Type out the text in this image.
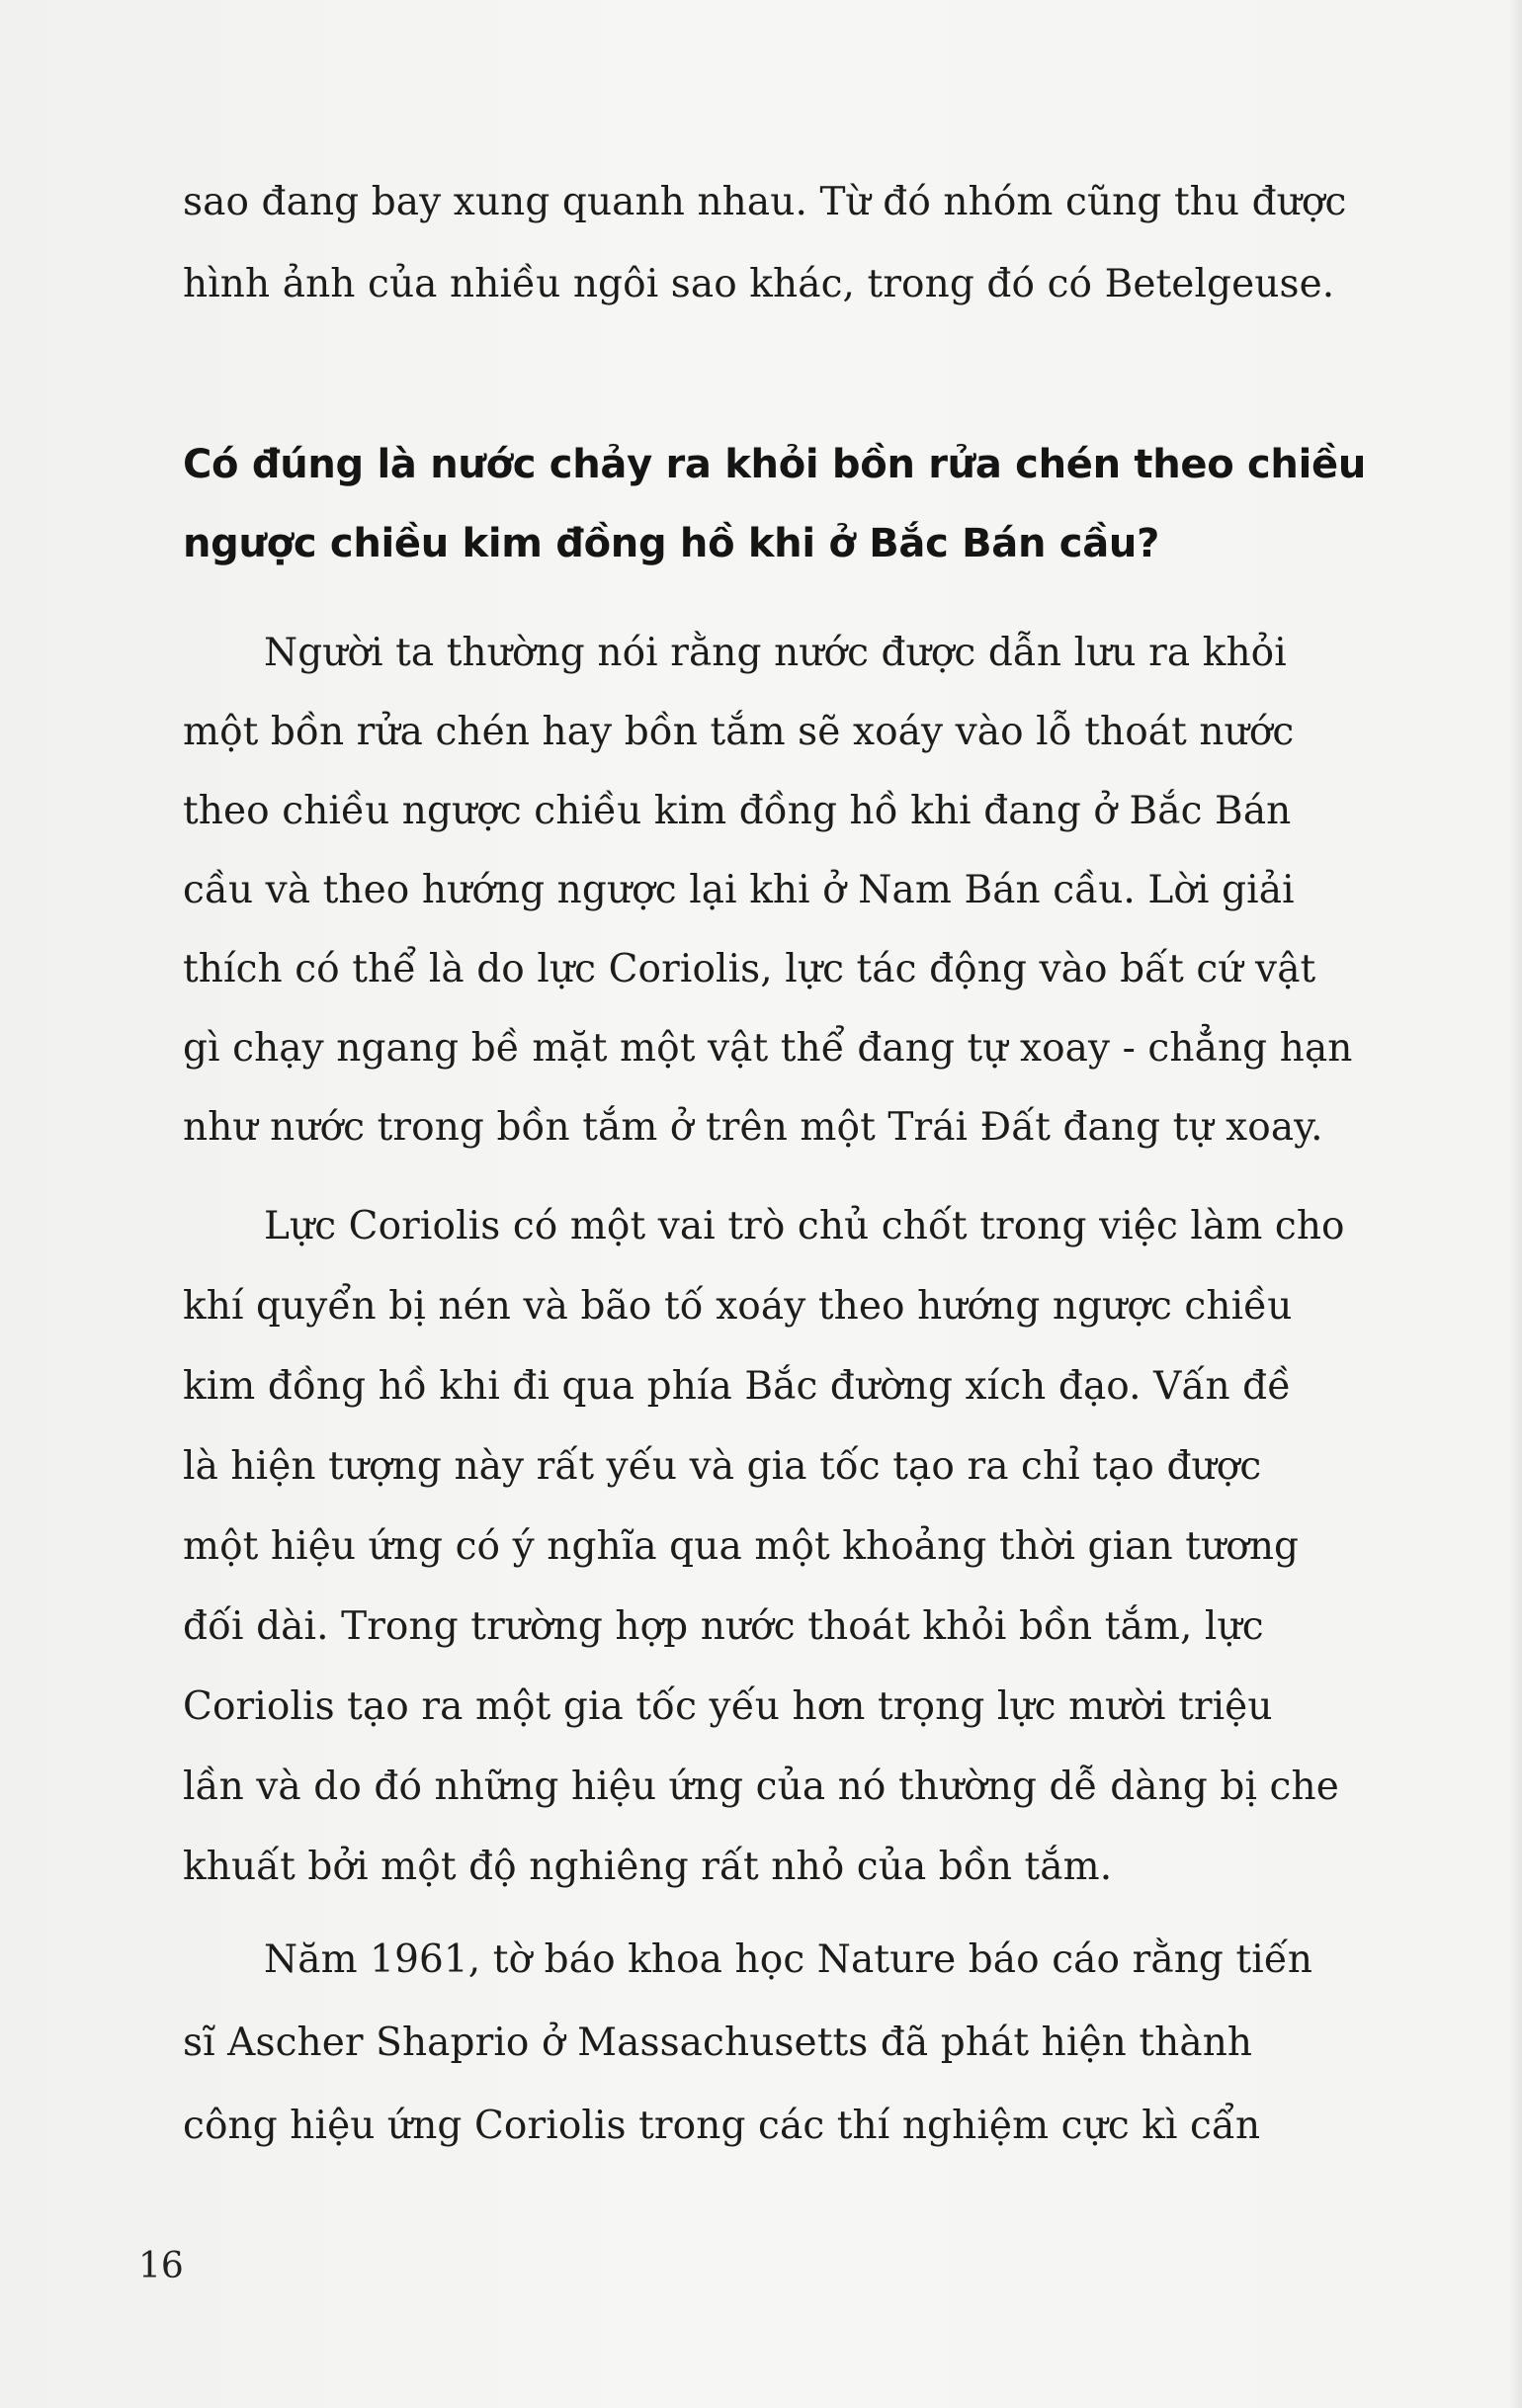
sao đang bay xung quanh nhau. Từ đó nhóm cũng thu được
hình ảnh của nhiều ngôi sao khác, trong đó có Betelgeuse.
Có đúng là nước chảy ra khỏi bồn rửa chén theo chiều
ngược chiều kim đồng hồ khi ở Bắc Bán cầu?
Người ta thường nói rằng nước được dẫn lưu ra khỏi
một bồn rửa chén hay bồn tắm sẽ xoáy vào lỗ thoát nước
theo chiều ngược chiều kim đồng hồ khi đang ở Bắc Bán
cầu và theo hướng ngược lại khi ở Nam Bán cầu. Lời giải
thích có thể là do lực Coriolis, lực tác động vào bất cứ vật
gì chạy ngang bề mặt một vật thể đang tự xoay - chẳng hạn
như nước trong bồn tắm ở trên một Trái Đất đang tự xoay.
Lực Coriolis có một vai trò chủ chốt trong việc làm cho
khí quyển bị nén và bão tố xoáy theo hướng ngược chiều
kim đồng hồ khi đi qua phía Bắc đường xích đạo. Vấn đề
là hiện tượng này rất yếu và gia tốc tạo ra chỉ tạo được
một hiệu ứng có ý nghĩa qua một khoảng thời gian tương
đối dài. Trong trường hợp nước thoát khỏi bồn tắm, lực
Coriolis tạo ra một gia tốc yếu hơn trọng lực mười triệu
lần và do đó những hiệu ứng của nó thường dễ dàng bị che
khuất bởi một độ nghiêng rất nhỏ của bồn tắm.
Năm 1961, tờ báo khoa học Nature báo cáo rằng tiến
sĩ Ascher Shaprio ở Massachusetts đã phát hiện thành
công hiệu ứng Coriolis trong các thí nghiệm cực kì cẩn
16
